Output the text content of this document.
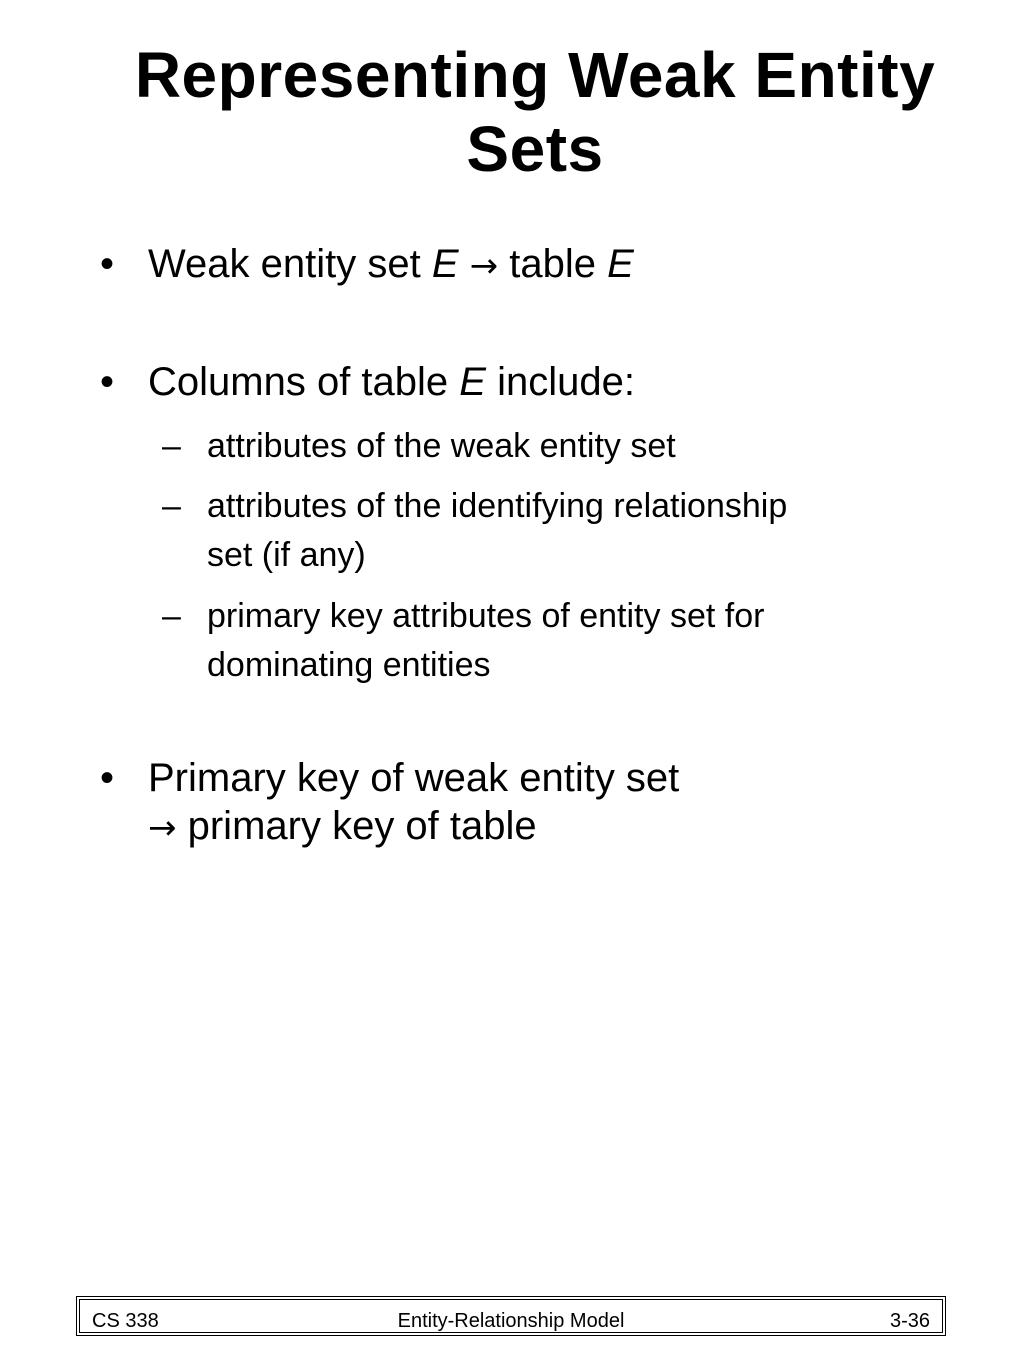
Representing Weak Entity
Sets
• Weak entity set E → table E
• Columns of table E include:
– attributes of the weak entity set
– attributes of the identifying relationship
set (if any)
– primary key attributes of entity set for
dominating entities
• Primary key of weak entity set
→ primary key of table
CS 338	Entity-Relationship Model	3-36
